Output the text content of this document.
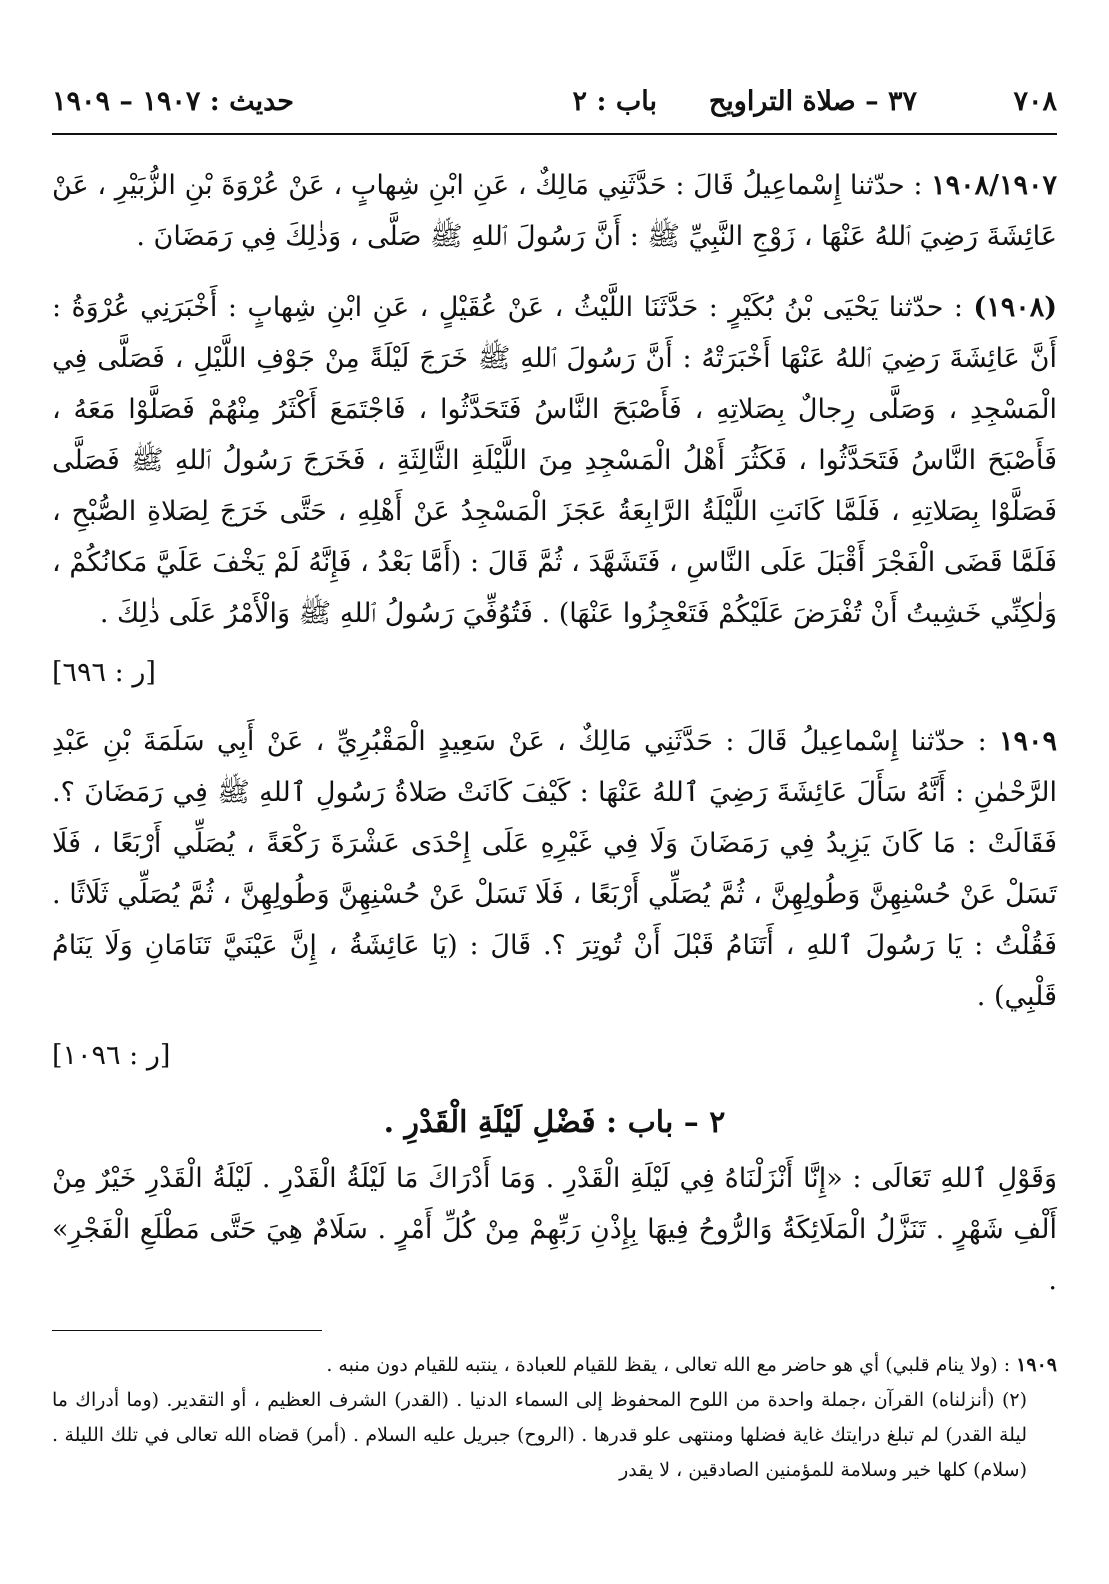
٧٠٨
٣٧ – صلاة التراويح
باب : ٢
حديث : ١٩٠٧ – ١٩٠٩

١٩٠٨/١٩٠٧ : حدّثنا إِسْماعِيلُ قَالَ : حَدَّثَنِي مَالِكٌ ، عَنِ ابْنِ شِهابٍ ، عَنْ عُرْوَةَ بْنِ الزُّبَيْرِ ، عَنْ عَائِشَةَ رَضِيَ ٱللهُ عَنْهَا ، زَوْجِ النَّبِيِّ ﷺ : أَنَّ رَسُولَ ٱللهِ ﷺ صَلَّى ، وَذٰلِكَ فِي رَمَضَانَ .

(١٩٠٨) : حدّثنا يَحْيَى بْنُ بُكَيْرٍ : حَدَّثَنَا اللَّيْثُ ، عَنْ عُقَيْلٍ ، عَنِ ابْنِ شِهابٍ : أَخْبَرَنِي عُرْوَةُ : أَنَّ عَائِشَةَ رَضِيَ ٱللهُ عَنْهَا أَخْبَرَتْهُ : أَنَّ رَسُولَ ٱللهِ ﷺ خَرَجَ لَيْلَةً مِنْ جَوْفِ اللَّيْلِ ، فَصَلَّى فِي الْمَسْجِدِ ، وَصَلَّى رِجالٌ بِصَلاتِهِ ، فَأَصْبَحَ النَّاسُ فَتَحَدَّثُوا ، فَاجْتَمَعَ أَكْثَرُ مِنْهُمْ فَصَلَّوْا مَعَهُ ، فَأَصْبَحَ النَّاسُ فَتَحَدَّثُوا ، فَكَثُرَ أَهْلُ الْمَسْجِدِ مِنَ اللَّيْلَةِ الثَّالِثَةِ ، فَخَرَجَ رَسُولُ ٱللهِ ﷺ فَصَلَّى فَصَلَّوْا بِصَلاتِهِ ، فَلَمَّا كَانَتِ اللَّيْلَةُ الرَّابِعَةُ عَجَزَ الْمَسْجِدُ عَنْ أَهْلِهِ ، حَتَّى خَرَجَ لِصَلاةِ الصُّبْحِ ، فَلَمَّا قَضَى الْفَجْرَ أَقْبَلَ عَلَى النَّاسِ ، فَتَشَهَّدَ ، ثُمَّ قَالَ : (أَمَّا بَعْدُ ، فَإِنَّهُ لَمْ يَخْفَ عَلَيَّ مَكانُكُمْ ، وَلٰكِنِّي خَشِيتُ أَنْ تُفْرَضَ عَلَيْكُمْ فَتَعْجِزُوا عَنْهَا) . فَتُوُفِّيَ رَسُولُ ٱللهِ ﷺ وَالْأَمْرُ عَلَى ذٰلِكَ .

[ر : ٦٩٦]

١٩٠٩ : حدّثنا إِسْماعِيلُ قَالَ : حَدَّثَنِي مَالِكٌ ، عَنْ سَعِيدٍ الْمَقْبُرِيِّ ، عَنْ أَبِي سَلَمَةَ بْنِ عَبْدِ الرَّحْمٰنِ : أَنَّهُ سَأَلَ عَائِشَةَ رَضِيَ ٱللهُ عَنْهَا : كَيْفَ كَانَتْ صَلاةُ رَسُولِ ٱللهِ ﷺ فِي رَمَضَانَ ؟. فَقَالَتْ : مَا كَانَ يَزِيدُ فِي رَمَضَانَ وَلَا فِي غَيْرِهِ عَلَى إِحْدَى عَشْرَةَ رَكْعَةً ، يُصَلِّي أَرْبَعًا ، فَلَا تَسَلْ عَنْ حُسْنِهِنَّ وَطُولِهِنَّ ، ثُمَّ يُصَلِّي أَرْبَعًا ، فَلَا تَسَلْ عَنْ حُسْنِهِنَّ وَطُولِهِنَّ ، ثُمَّ يُصَلِّي ثَلَاثًا . فَقُلْتُ : يَا رَسُولَ ٱللهِ ، أَتَنَامُ قَبْلَ أَنْ تُوتِرَ ؟. قَالَ : (يَا عَائِشَةُ ، إِنَّ عَيْنَيَّ تَنَامَانِ وَلَا يَنَامُ قَلْبِي) .

[ر : ١٠٩٦]

٢ – باب : فَضْلِ لَيْلَةِ الْقَدْرِ .

وَقَوْلِ ٱللهِ تَعَالَى : «إِنَّا أَنْزَلْنَاهُ فِي لَيْلَةِ الْقَدْرِ . وَمَا أَدْرَاكَ مَا لَيْلَةُ الْقَدْرِ . لَيْلَةُ الْقَدْرِ خَيْرٌ مِنْ أَلْفِ شَهْرٍ . تَنَزَّلُ الْمَلَائِكَةُ وَالرُّوحُ فِيهَا بِإِذْنِ رَبِّهِمْ مِنْ كُلِّ أَمْرٍ . سَلَامٌ هِيَ حَتَّى مَطْلَعِ الْفَجْرِ» .

١٩٠٩ : (ولا ينام قلبي) أي هو حاضر مع الله تعالى ، يقظ للقيام للعبادة ، ينتبه للقيام دون منبه .

(٢) (أنزلناه) القرآن ،جملة واحدة من اللوح المحفوظ إلى السماء الدنيا . (القدر) الشرف العظيم ، أو التقدير. (وما أدراك ما ليلة القدر) لم تبلغ درايتك غاية فضلها ومنتهى علو قدرها . (الروح) جبريل عليه السلام . (أمر) قضاه الله تعالى في تلك الليلة . (سلام) كلها خير وسلامة للمؤمنين الصادقين ، لا يقدر
